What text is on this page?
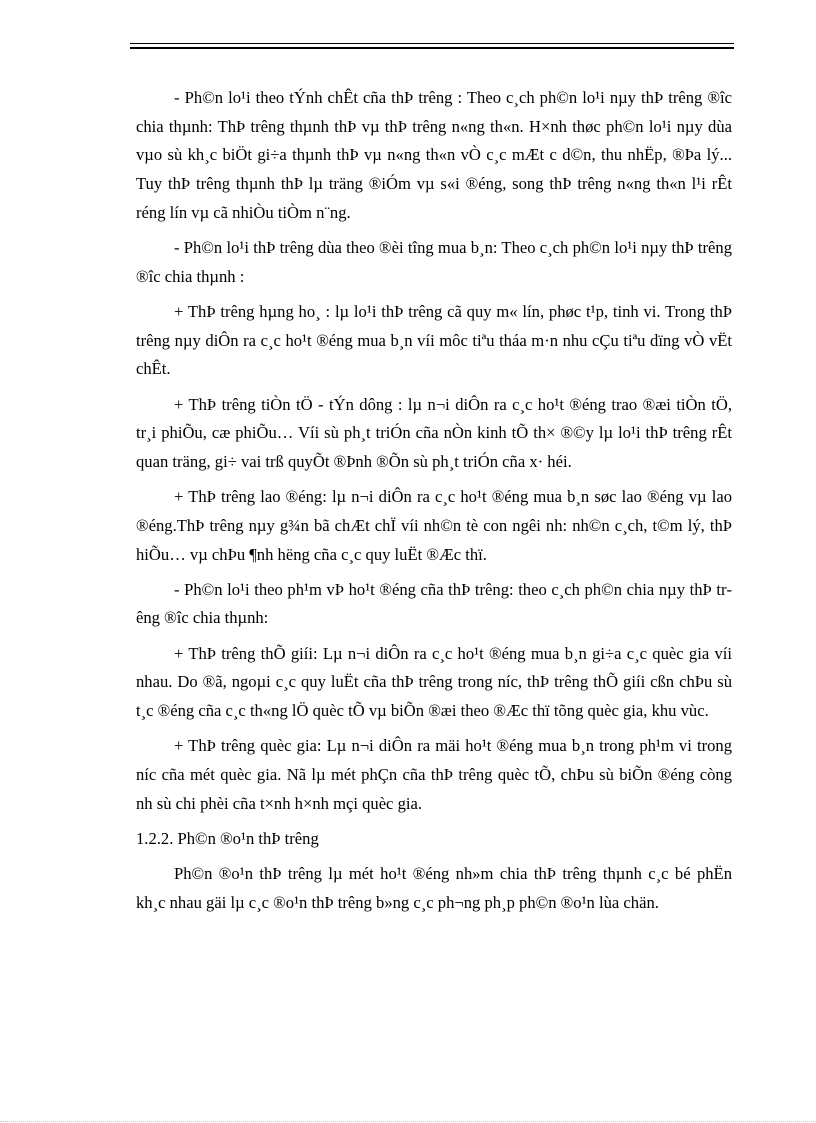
- Ph©n lo¹i theo tÝnh chÊt cña thÞ trêng : Theo c¸ch ph©n lo¹i nµy thÞ trêng ®îc chia thµnh: ThÞ trêng thµnh thÞ vµ thÞ trêng n«ng th«n. H×nh thøc ph©n lo¹i nµy dùa vµo sù kh¸c biÖt gi÷a thµnh thÞ vµ n«ng th«n vÒ c¸c mÆt c d©n, thu nhËp, ®Þa lý... Tuy thÞ trêng thµnh thÞ lµ träng ®iÓm vµ s«i ®éng, song thÞ trêng n«ng th«n l¹i rÊt réng lín vµ cã nhiÒu tiÒm n¨ng.

- Ph©n lo¹i thÞ trêng dùa theo ®èi tîng mua b¸n: Theo c¸ch ph©n lo¹i nµy thÞ trêng ®îc chia thµnh :

+ ThÞ trêng hµng ho¸ : lµ lo¹i thÞ trêng cã quy m« lín, phøc t¹p, tinh vi. Trong thÞ trêng nµy diÔn ra c¸c ho¹t ®éng mua b¸n víi môc tiªu tháa m·n nhu cÇu tiªu dïng vÒ vËt chÊt.

+ ThÞ trêng tiÒn tÖ - tÝn dông : lµ n¬i diÔn ra c¸c ho¹t ®éng trao ®æi tiÒn tÖ, tr¸i phiÕu, cæ phiÕu… Víi sù ph¸t triÓn cña nÒn kinh tÕ th× ®©y lµ lo¹i thÞ trêng rÊt quan träng, gi÷ vai trß quyÕt ®Þnh ®Õn sù ph¸t triÓn cña x· héi.

+ ThÞ trêng lao ®éng: lµ n¬i diÔn ra c¸c ho¹t ®éng mua b¸n søc lao ®éng vµ lao ®éng.ThÞ trêng nµy g¾n bã chÆt chÏ víi nh©n tè con ngêi nh: nh©n c¸ch, t©m lý, thÞ hiÕu… vµ chÞu ¶nh hëng cña c¸c quy luËt ®Æc thï.

- Ph©n lo¹i theo ph¹m vÞ ho¹t ®éng cña thÞ trêng: theo c¸ch ph©n chia nµy thÞ trêng ®îc chia thµnh:

+ ThÞ trêng thÕ giíi: Lµ n¬i diÔn ra c¸c ho¹t ®éng mua b¸n gi÷a c¸c quèc gia víi nhau. Do ®ã, ngoµi c¸c quy luËt cña thÞ trêng trong níc, thÞ trêng thÕ giíi cßn chÞu sù t¸c ®éng cña c¸c th«ng lÖ quèc tÕ vµ biÕn ®æi theo ®Æc thï tõng quèc gia, khu vùc.

+ ThÞ trêng quèc gia: Lµ n¬i diÔn ra mäi ho¹t ®éng mua b¸n trong ph¹m vi trong níc cña mét quèc gia. Nã lµ mét phÇn cña thÞ trêng quèc tÕ, chÞu sù biÕn ®éng còng nh sù chi phèi cña t×nh h×nh mçi quèc gia.

1.2.2. Ph©n ®o¹n thÞ trêng

Ph©n ®o¹n thÞ trêng lµ mét ho¹t ®éng nh»m chia thÞ trêng thµnh c¸c bé phËn kh¸c nhau gäi lµ c¸c ®o¹n thÞ trêng b»ng c¸c ph¬ng ph¸p ph©n ®o¹n lùa chän.
